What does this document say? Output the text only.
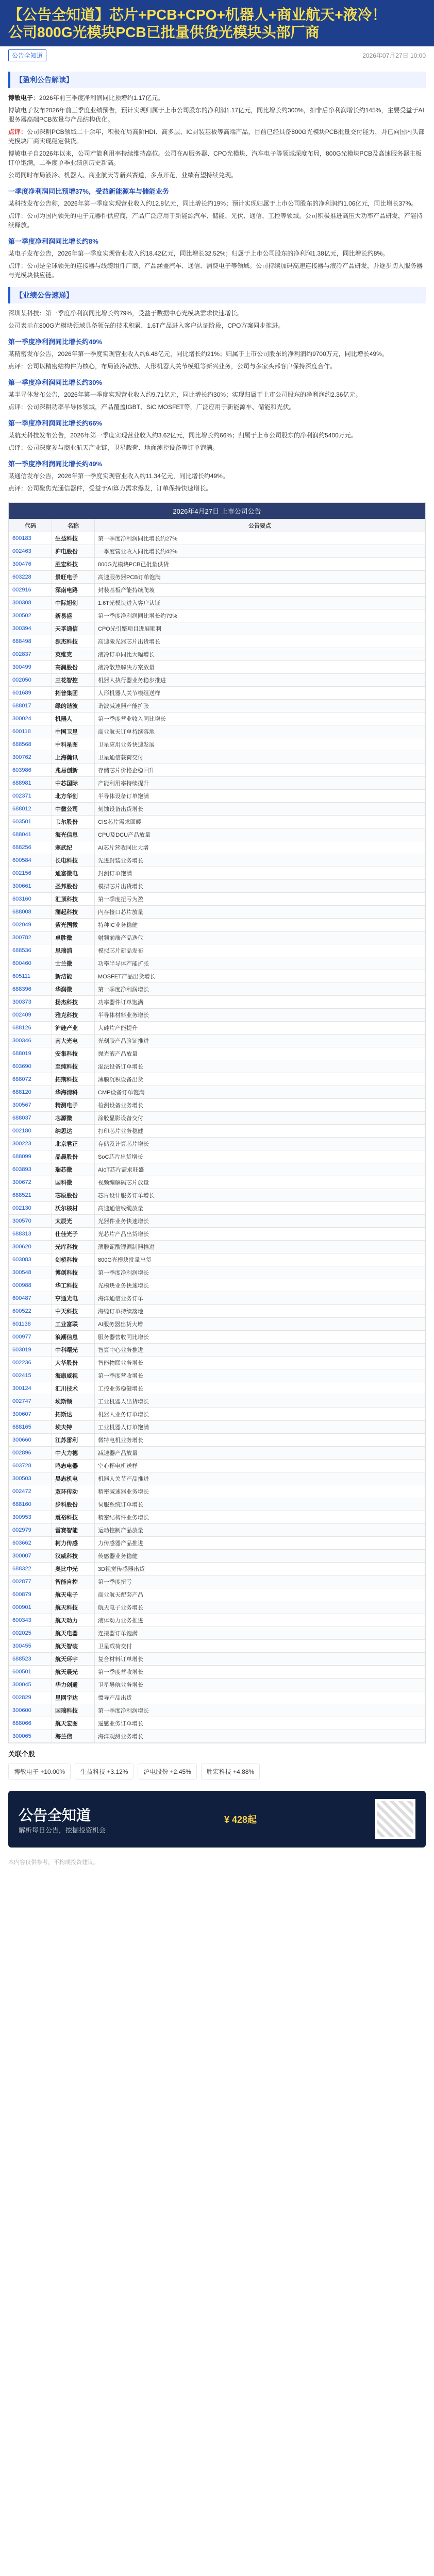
【公告全知道】芯片+PCB+CPO+机器人+商业航天+液冷！
公司800G光模块PCB已批量供货光模块头部厂商
公告全知道	2026年07月27日 10:00
【盈利公告解读】
博敏电子：2026年前三季度净利润同比预增约1.17亿元。
博敏电子发布2026年前三季度业绩预告，预计实现归属于上市公司股东的净利润1.17亿元，同比增长约300%，扣非后净利润增长约145%，主要受益于AI服务器高端PCB放量与产品结构优化。
点评：公司深耕PCB领域二十余年，积极布局高阶HDI、高多层、IC封装基板等高端产品，目前已经具备800G光模块PCB批量交付能力，并已向国内头部光模块厂商实现稳定供货。
博敏电子自2026年以来，公司产能利用率持续维持高位。公司在AI服务器、CPO光模块、汽车电子等领域深度布局，800G光模块PCB及高速服务器主板订单饱满，二季度单季业绩创历史新高。
公司同时布局液冷、机器人、商业航天等新兴赛道，多点开花，业绩有望持续兑现。
一季度净利润同比预增37%，受益新能源车与储能业务
某科技发布公告称，2026年第一季度实现营业收入约12.8亿元，同比增长约19%；预计实现归属于上市公司股东的净利润约1.06亿元，同比增长37%。
点评：公司为国内领先的电子元器件供应商，产品广泛应用于新能源汽车、储能、光伏、通信、工控等领域。公司积极推进高压大功率产品研发，产能持续释放。
第一季度净利润同比增长约8%
某电子发布公告，2026年第一季度实现营业收入约18.42亿元，同比增长32.52%；归属于上市公司股东的净利润1.38亿元，同比增长约8%。
点评：公司是全球领先的连接器与线缆组件厂商，产品涵盖汽车、通信、消费电子等领域。公司持续加码高速连接器与液冷产品研发，并逐步切入服务器与光模块供应链。
【业绩公告速递】
深圳某科技：第一季度净利润同比增长约79%，受益于数据中心光模块需求快速增长。
公司表示在800G光模块领域具备领先的技术积累，1.6T产品进入客户认证阶段，CPO方案同步推进。
第一季度净利润同比增长约49%
某精密发布公告，2026年第一季度实现营业收入约6.48亿元，同比增长约21%；归属于上市公司股东的净利润约9700万元，同比增长49%。
点评：公司以精密结构件为核心，布局液冷散热、人形机器人关节模组等新兴业务，公司与多家头部客户保持深度合作。
第一季度净利润同比增长约30%
某半导体发布公告，2026年第一季度实现营业收入约9.71亿元，同比增长约30%；实现归属于上市公司股东的净利润约2.36亿元。
点评：公司深耕功率半导体领域，产品覆盖IGBT、SiC MOSFET等，广泛应用于新能源车、储能和光伏。
第一季度净利润同比增长约66%
某航天科技发布公告，2026年第一季度实现营业收入约3.62亿元，同比增长约66%；归属于上市公司股东的净利润约5400万元。
点评：公司深度参与商业航天产业链，卫星载荷、地面测控设备等订单饱满。
第一季度净利润同比增长约49%
某通信发布公告，2026年第一季度实现营业收入约11.34亿元，同比增长约49%。
点评：公司聚焦光通信器件，受益于AI算力需求爆发，订单保持快速增长。
2026年4月27日 上市公司公告
代码	名称	公告要点
600183	生益科技	第一季度净利润同比增长约27%
002463	沪电股份	一季度营业收入同比增长约42%
300476	胜宏科技	800G光模块PCB已批量供货
603228	景旺电子	高速服务器PCB订单饱满
002916	深南电路	封装基板产能持续爬坡
300308	中际旭创	1.6T光模块进入客户认证
300502	新易盛	第一季度净利润同比增长约79%
300394	天孚通信	CPO光引擎项目进展顺利
688498	源杰科技	高速激光器芯片出货增长
002837	英维克	液冷订单同比大幅增长
300499	高澜股份	液冷散热解决方案放量
002050	三花智控	机器人执行器业务稳步推进
601689	拓普集团	人形机器人关节模组送样
688017	绿的谐波	谐波减速器产能扩张
300024	机器人	第一季度营业收入同比增长
600118	中国卫星	商业航天订单持续落地
688568	中科星图	卫星应用业务快速发展
300762	上海瀚讯	卫星通信载荷交付
603986	兆易创新	存储芯片价格企稳回升
688981	中芯国际	产能利用率持续提升
002371	北方华创	半导体设备订单饱满
688012	中微公司	刻蚀设备出货增长
603501	韦尔股份	CIS芯片需求回暖
688041	海光信息	CPU及DCU产品放量
688256	寒武纪	AI芯片营收同比大增
600584	长电科技	先进封装业务增长
002156	通富微电	封测订单饱满
300661	圣邦股份	模拟芯片出货增长
603160	汇顶科技	第一季度扭亏为盈
688008	澜起科技	内存接口芯片放量
002049	紫光国微	特种IC业务稳健
300782	卓胜微	射频前端产品迭代
688536	思瑞浦	模拟芯片新品发布
600460	士兰微	功率半导体产能扩张
605111	新洁能	MOSFET产品出货增长
688396	华润微	第一季度净利润增长
300373	扬杰科技	功率器件订单饱满
002409	雅克科技	半导体材料业务增长
688126	沪硅产业	大硅片产能提升
300346	南大光电	光刻胶产品验证推进
688019	安集科技	抛光液产品放量
603690	至纯科技	湿法设备订单增长
688072	拓荆科技	薄膜沉积设备出货
688120	华海清科	CMP设备订单饱满
300567	精测电子	检测设备业务增长
688037	芯源微	涂胶显影设备交付
002180	纳思达	打印芯片业务稳健
300223	北京君正	存储及计算芯片增长
688099	晶晨股份	SoC芯片出货增长
603893	瑞芯微	AIoT芯片需求旺盛
300672	国科微	视频编解码芯片放量
688521	芯原股份	芯片设计服务订单增长
002130	沃尔核材	高速通信线缆放量
300570	太辰光	光器件业务快速增长
688313	仕佳光子	光芯片产品出货增长
300620	光库科技	薄膜铌酸锂调制器推进
603083	剑桥科技	800G光模块批量出货
300548	博创科技	第一季度净利润增长
000988	华工科技	光模块业务快速增长
600487	亨通光电	海洋通信业务订单
600522	中天科技	海缆订单持续落地
601138	工业富联	AI服务器出货大增
000977	浪潮信息	服务器营收同比增长
603019	中科曙光	智算中心业务推进
002236	大华股份	智能物联业务增长
002415	海康威视	第一季度营收增长
300124	汇川技术	工控业务稳健增长
002747	埃斯顿	工业机器人出货增长
300607	拓斯达	机器人业务订单增长
688165	埃夫特	工业机器人订单饱满
300660	江苏雷利	微特电机业务增长
002896	中大力德	减速器产品放量
603728	鸣志电器	空心杯电机送样
300503	昊志机电	机器人关节产品推进
002472	双环传动	精密减速器业务增长
688160	步科股份	伺服系统订单增长
300953	震裕科技	精密结构件业务增长
002979	雷赛智能	运动控制产品放量
603662	柯力传感	力传感器产品推进
300007	汉威科技	传感器业务稳健
688322	奥比中光	3D视觉传感器出货
002877	智能自控	第一季度扭亏
600879	航天电子	商业航天配套产品
000901	航天科技	航天电子业务增长
600343	航天动力	液体动力业务推进
002025	航天电器	连接器订单饱满
300455	航天智装	卫星载荷交付
688523	航天环宇	复合材料订单增长
600501	航天晨光	第一季度营收增长
300045	华力创通	卫星导航业务增长
002829	星网宇达	惯导产品出货
300600	国瑞科技	第一季度净利润增长
688066	航天宏图	遥感业务订单增长
300065	海兰信	海洋观测业务增长
关联个股
博敏电子 +10.00%	生益科技 +3.12%	沪电股份 +2.45%	胜宏科技 +4.88%
公告全知道
解析每日公告，挖掘投资机会
¥ 428起
本内容仅供参考，不构成投资建议。
